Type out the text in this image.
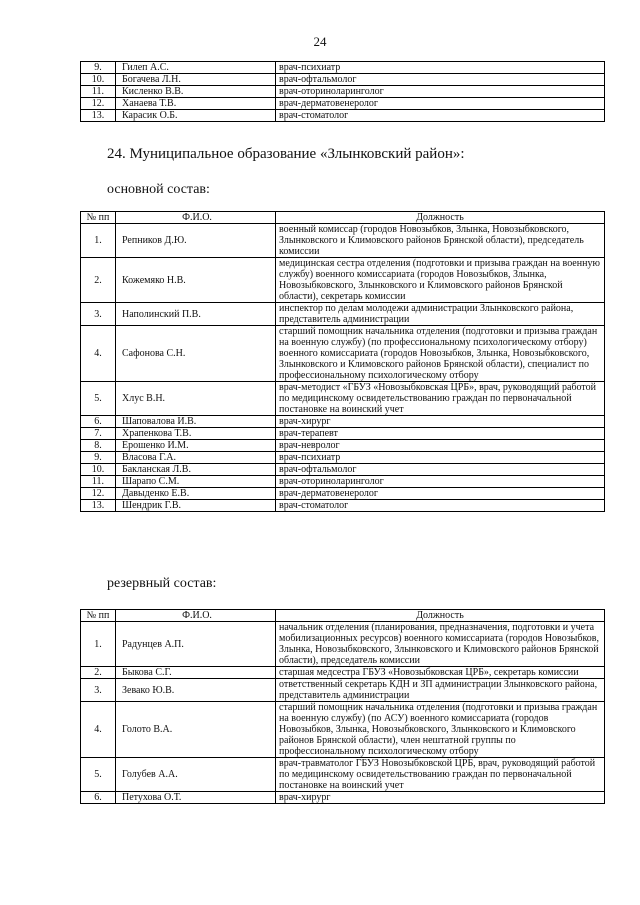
24
9.	Гилеп А.С.	врач-психиатр
10.	Богачева Л.Н.	врач-офтальмолог
11.	Кисленко В.В.	врач-оториноларинголог
12.	Ханаева Т.В.	врач-дерматовенеролог
13.	Карасик О.Б.	врач-стоматолог
24. Муниципальное образование «Злынковский район»:
основной состав:
№ пп	Ф.И.О.	Должность
1.	Репников Д.Ю.	военный комиссар (городов Новозыбков, Злынка, Новозыбковского, Злынковского и Климовского районов Брянской области), председатель комиссии
2.	Кожемяко Н.В.	медицинская сестра отделения (подготовки и призыва граждан на военную службу) военного комиссариата (городов Новозыбков, Злынка, Новозыбковского, Злынковского и Климовского районов Брянской области), секретарь комиссии
3.	Наполинский П.В.	инспектор по делам молодежи администрации Злынковского района, представитель администрации
4.	Сафонова С.Н.	старший помощник начальника отделения (подготовки и призыва граждан на военную службу) (по профессиональному психологическому отбору) военного комиссариата (городов Новозыбков, Злынка, Новозыбковского, Злынковского и Климовского районов Брянской области), специалист по профессиональному психологическому отбору
5.	Хлус В.Н.	врач-методист «ГБУЗ «Новозыбковская ЦРБ», врач, руководящий работой по медицинскому освидетельствованию граждан по первоначальной постановке на воинский учет
6.	Шаповалова И.В.	врач-хирург
7.	Храпенкова Т.В.	врач-терапевт
8.	Ерошенко И.М.	врач-невролог
9.	Власова Г.А.	врач-психиатр
10.	Бакланская Л.В.	врач-офтальмолог
11.	Шарапо С.М.	врач-оториноларинголог
12.	Давыденко Е.В.	врач-дерматовенеролог
13.	Шендрик Г.В.	врач-стоматолог
резервный состав:
№ пп	Ф.И.О.	Должность
1.	Радунцев А.П.	начальник отделения (планирования, предназначения, подготовки и учета мобилизационных ресурсов) военного комиссариата (городов Новозыбков, Злынка, Новозыбковского, Злынковского и Климовского районов Брянской области), председатель комиссии
2.	Быкова С.Г.	старшая медсестра ГБУЗ «Новозыбковская ЦРБ», секретарь комиссии
3.	Зевако Ю.В.	ответственный секретарь КДН и ЗП администрации Злынковского района, представитель администрации
4.	Голото В.А.	старший помощник начальника отделения (подготовки и призыва граждан на военную службу) (по АСУ) военного комиссариата (городов Новозыбков, Злынка, Новозыбковского, Злынковского и Климовского районов Брянской области), член нештатной группы по профессиональному психологическому отбору
5.	Голубев А.А.	врач-травматолог ГБУЗ Новозыбковской ЦРБ, врач, руководящий работой по медицинскому освидетельствованию граждан по первоначальной постановке на воинский учет
6.	Петухова О.Т.	врач-хирург
